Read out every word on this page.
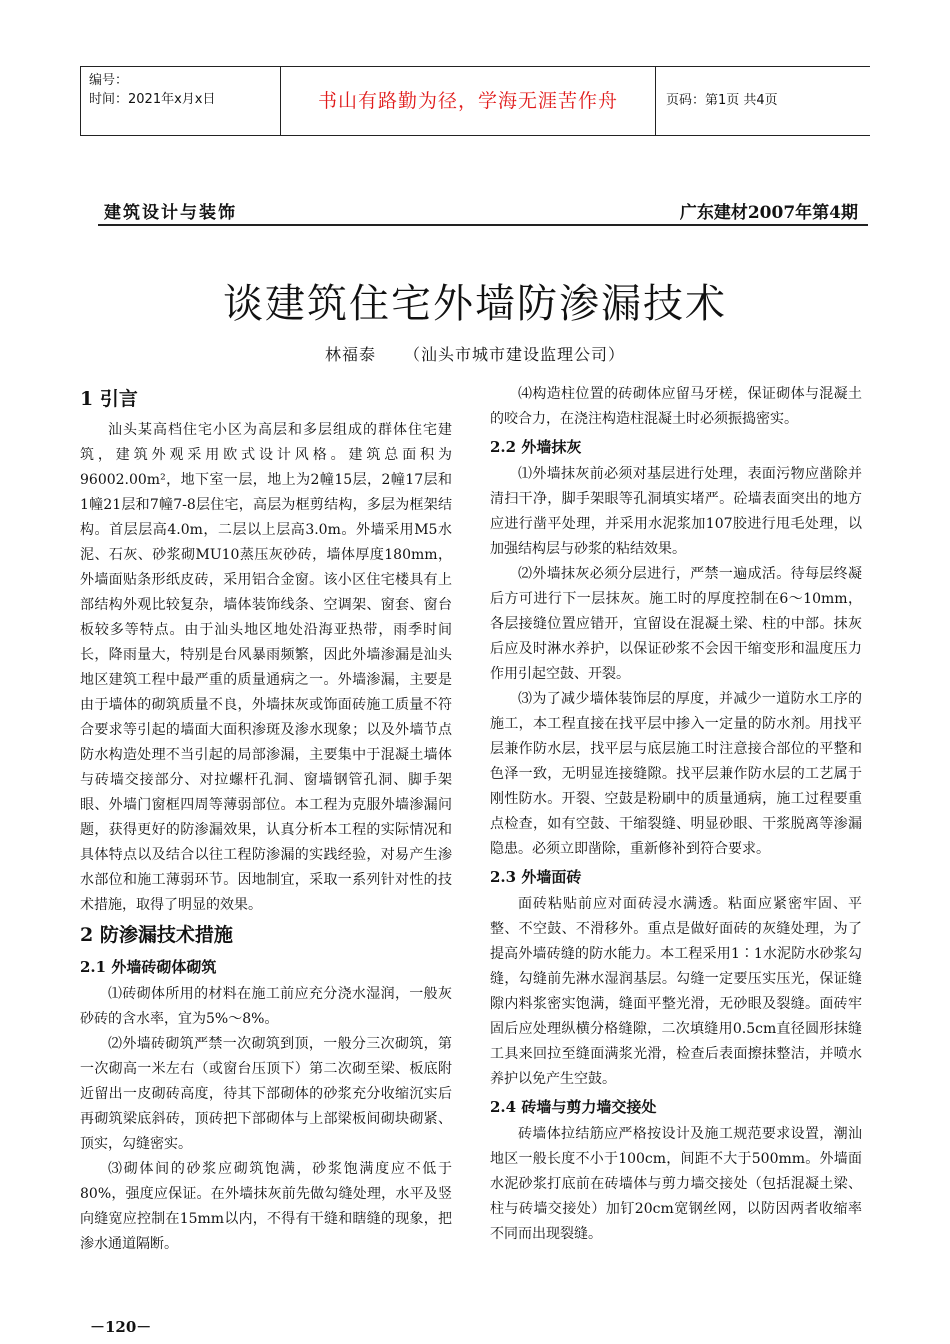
编号：
时间：2021年x月x日	书山有路勤为径，学海无涯苦作舟	页码：第1页 共4页
建筑设计与装饰	广东建材2007年第4期
谈建筑住宅外墙防渗漏技术
林福泰 （汕头市城市建设监理公司）
1 引言

汕头某高档住宅小区为高层和多层组成的群体住宅建筑，建筑外观采用欧式设计风格。建筑总面积为96002.00m²，地下室一层，地上为2幢15层，2幢17层和1幢21层和7幢7-8层住宅，高层为框剪结构，多层为框架结构。首层层高4.0m，二层以上层高3.0m。外墙采用M5水泥、石灰、砂浆砌MU10蒸压灰砂砖，墙体厚度180mm，外墙面贴条形纸皮砖，采用铝合金窗。该小区住宅楼具有上部结构外观比较复杂，墙体装饰线条、空调架、窗套、窗台板较多等特点。由于汕头地区地处沿海亚热带，雨季时间长，降雨量大，特别是台风暴雨频繁，因此外墙渗漏是汕头地区建筑工程中最严重的质量通病之一。外墙渗漏，主要是由于墙体的砌筑质量不良，外墙抹灰或饰面砖施工质量不符合要求等引起的墙面大面积渗斑及渗水现象；以及外墙节点防水构造处理不当引起的局部渗漏，主要集中于混凝土墙体与砖墙交接部分、对拉螺杆孔洞、窗墙钢管孔洞、脚手架眼、外墙门窗框四周等薄弱部位。本工程为克服外墙渗漏问题，获得更好的防渗漏效果，认真分析本工程的实际情况和具体特点以及结合以往工程防渗漏的实践经验，对易产生渗水部位和施工薄弱环节。因地制宜，采取一系列针对性的技术措施，取得了明显的效果。

2 防渗漏技术措施
2.1 外墙砖砌体砌筑

⑴砖砌体所用的材料在施工前应充分浇水湿润，一般灰砂砖的含水率，宜为5%～8%。

⑵外墙砖砌筑严禁一次砌筑到顶，一般分三次砌筑，第一次砌高一米左右（或窗台压顶下）第二次砌至梁、板底附近留出一皮砌砖高度，待其下部砌体的砂浆充分收缩沉实后再砌筑梁底斜砖，顶砖把下部砌体与上部梁板间砌块砌紧、顶实，勾缝密实。

⑶砌体间的砂浆应砌筑饱满，砂浆饱满度应不低于80%，强度应保证。在外墙抹灰前先做勾缝处理，水平及竖向缝宽应控制在15mm以内，不得有干缝和瞎缝的现象，把渗水通道隔断。

⑷构造柱位置的砖砌体应留马牙槎，保证砌体与混凝土的咬合力，在浇注构造柱混凝土时必须振捣密实。

2.2 外墙抹灰

⑴外墙抹灰前必须对基层进行处理，表面污物应凿除并清扫干净，脚手架眼等孔洞填实堵严。砼墙表面突出的地方应进行凿平处理，并采用水泥浆加107胶进行甩毛处理，以加强结构层与砂浆的粘结效果。

⑵外墙抹灰必须分层进行，严禁一遍成活。待每层终凝后方可进行下一层抹灰。施工时的厚度控制在6～10mm，各层接缝位置应错开，宜留设在混凝土梁、柱的中部。抹灰后应及时淋水养护，以保证砂浆不会因干缩变形和温度压力作用引起空鼓、开裂。

⑶为了减少墙体装饰层的厚度，并减少一道防水工序的施工，本工程直接在找平层中掺入一定量的防水剂。用找平层兼作防水层，找平层与底层施工时注意接合部位的平整和色泽一致，无明显连接缝隙。找平层兼作防水层的工艺属于刚性防水。开裂、空鼓是粉刷中的质量通病，施工过程要重点检查，如有空鼓、干缩裂缝、明显砂眼、干浆脱离等渗漏隐患。必须立即凿除，重新修补到符合要求。

2.3 外墙面砖

面砖粘贴前应对面砖浸水满透。粘面应紧密牢固、平整、不空鼓、不滑移外。重点是做好面砖的灰缝处理，为了提高外墙砖缝的防水能力。本工程采用1∶1水泥防水砂浆勾缝，勾缝前先淋水湿润基层。勾缝一定要压实压光，保证缝隙内料浆密实饱满，缝面平整光滑，无砂眼及裂缝。面砖牢固后应处理纵横分格缝隙，二次填缝用0.5cm直径圆形抹缝工具来回拉至缝面满浆光滑，检查后表面擦抹整洁，并喷水养护以免产生空鼓。

2.4 砖墙与剪力墙交接处

砖墙体拉结筋应严格按设计及施工规范要求设置，潮汕地区一般长度不小于100cm，间距不大于500mm。外墙面水泥砂浆打底前在砖墙体与剪力墙交接处（包括混凝土梁、柱与砖墙交接处）加钉20cm宽钢丝网，以防因两者收缩率不同而出现裂缝。

－120－
